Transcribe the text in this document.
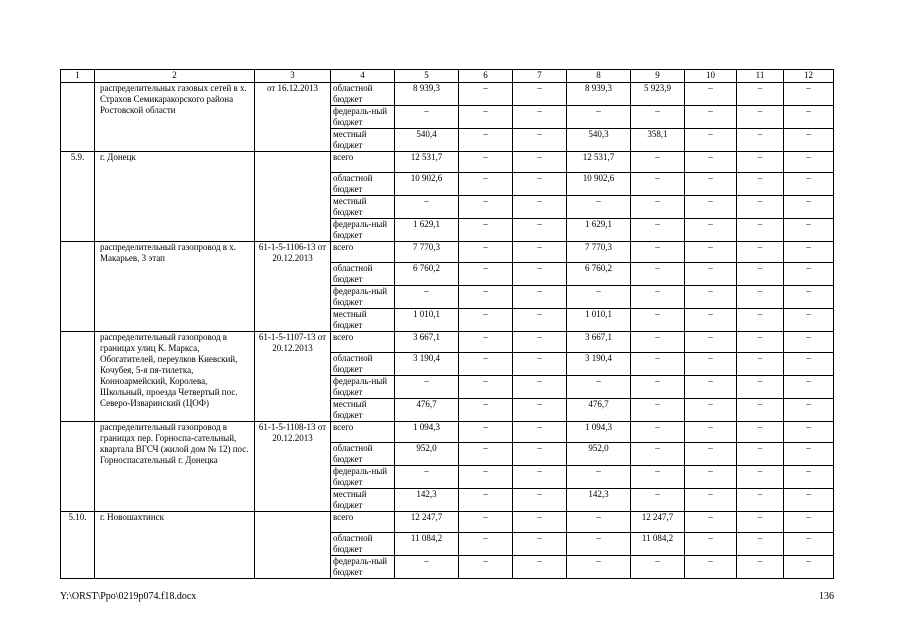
1	2	3	4	5	6	7	8	9	10	11	12
	распределительных газовых сетей в х. Страхов Семикаракорского района Ростовской области	от 16.12.2013	областной бюджет	8 939,3	–	–	8 939,3	5 923,9	–	–	–
			федераль-ный бюджет	–	–	–	–	–	–	–	–
			местный бюджет	540,4	–	–	540,3	358,1	–	–	–
5.9.	г. Донецк		всего	12 531,7	–	–	12 531,7	–	–	–	–
			областной бюджет	10 902,6	–	–	10 902,6	–	–	–	–
			местный бюджет	–	–	–	–	–	–	–	–
			федераль-ный бюджет	1 629,1	–	–	1 629,1	–	–	–	–
	распределительный газопровод в х. Макарьев, 3 этап	61-1-5-1106-13 от 20.12.2013	всего	7 770,3	–	–	7 770,3	–	–	–	–
			областной бюджет	6 760,2	–	–	6 760,2	–	–	–	–
			федераль-ный бюджет	–	–	–	–	–	–	–	–
			местный бюджет	1 010,1	–	–	1 010,1	–	–	–	–
	распределительный газопровод в границах улиц К. Маркса, Обогатителей, переулков Киевский, Кочубея, 5-я пя-тилетка, Конноармейский, Королева, Школьный, проезда Четвертый пос. Северо-Изваринский (ЦОФ)	61-1-5-1107-13 от 20.12.2013	всего	3 667,1	–	–	3 667,1	–	–	–	–
			областной бюджет	3 190,4	–	–	3 190,4	–	–	–	–
			федераль-ный бюджет	–	–	–	–	–	–	–	–
			местный бюджет	476,7	–	–	476,7	–	–	–	–
	распределительный газопровод в границах пер. Горноспа-сательный, квартала ВГСЧ (жилой дом № 12) пос. Горноспасательный г. Донецка	61-1-5-1108-13 от 20.12.2013	всего	1 094,3	–	–	1 094,3	–	–	–	–
			областной бюджет	952,0	–	–	952,0	–	–	–	–
			федераль-ный бюджет	–	–	–	–	–	–	–	–
			местный бюджет	142,3	–	–	142,3	–	–	–	–
5.10.	г. Новошахтинск		всего	12 247,7	–	–	–	12 247,7	–	–	–
			областной бюджет	11 084,2	–	–	–	11 084,2	–	–	–
			федераль-ный бюджет	–	–	–	–	–	–	–	–
Y:\ORST\Ppo\0219p074.f18.docx	136
